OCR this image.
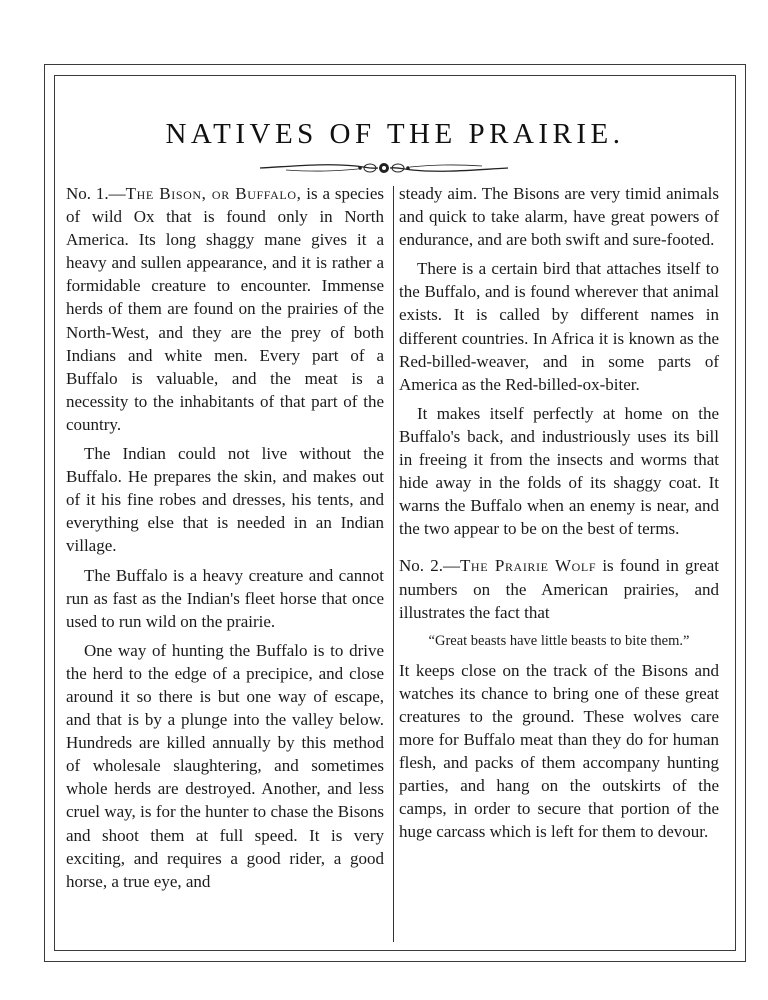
NATIVES OF THE PRAIRIE.

No. 1.—The Bison, or Buffalo, is a species of wild Ox that is found only in North America. Its long shaggy mane gives it a heavy and sullen appearance, and it is rather a formidable creature to encounter. Immense herds of them are found on the prairies of the North-West, and they are the prey of both Indians and white men. Every part of a Buffalo is valuable, and the meat is a necessity to the inhabitants of that part of the country.

The Indian could not live without the Buffalo. He prepares the skin, and makes out of it his fine robes and dresses, his tents, and everything else that is needed in an Indian village.

The Buffalo is a heavy creature and cannot run as fast as the Indian's fleet horse that once used to run wild on the prairie.

One way of hunting the Buffalo is to drive the herd to the edge of a precipice, and close around it so there is but one way of escape, and that is by a plunge into the valley below. Hundreds are killed annually by this method of wholesale slaughtering, and sometimes whole herds are destroyed. Another, and less cruel way, is for the hunter to chase the Bisons and shoot them at full speed. It is very exciting, and requires a good rider, a good horse, a true eye, and

steady aim. The Bisons are very timid animals and quick to take alarm, have great powers of endurance, and are both swift and sure-footed.

There is a certain bird that attaches itself to the Buffalo, and is found wherever that animal exists. It is called by different names in different countries. In Africa it is known as the Red-billed-weaver, and in some parts of America as the Red-billed-ox-biter.

It makes itself perfectly at home on the Buffalo's back, and industriously uses its bill in freeing it from the insects and worms that hide away in the folds of its shaggy coat. It warns the Buffalo when an enemy is near, and the two appear to be on the best of terms.

No. 2.—The Prairie Wolf is found in great numbers on the American prairies, and illustrates the fact that

“Great beasts have little beasts to bite them.”

It keeps close on the track of the Bisons and watches its chance to bring one of these great creatures to the ground. These wolves care more for Buffalo meat than they do for human flesh, and packs of them accompany hunting parties, and hang on the outskirts of the camps, in order to secure that portion of the huge carcass which is left for them to devour.
